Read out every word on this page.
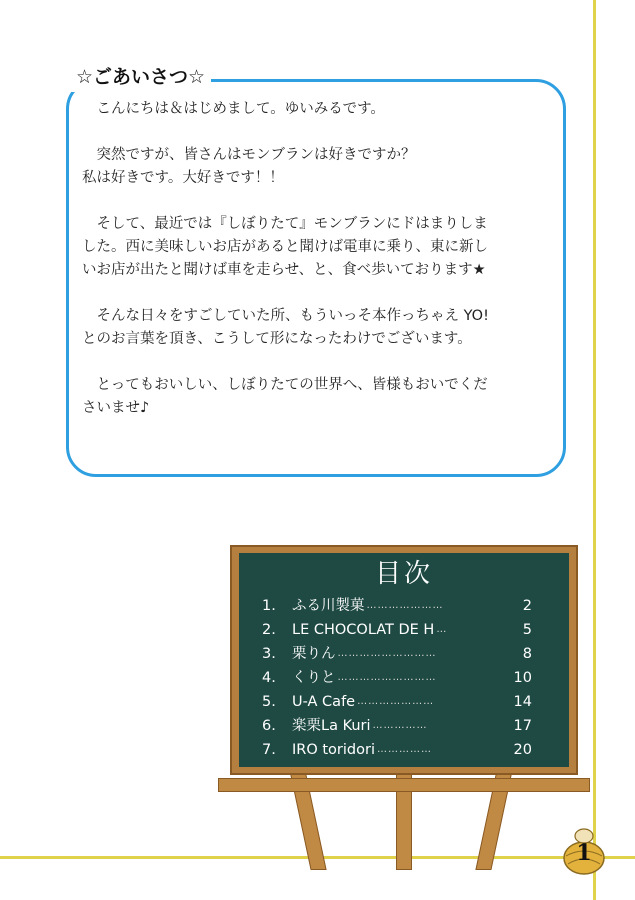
☆ごあいさつ☆

こんにちは＆はじめまして。ゆいみるです。

突然ですが、皆さんはモンブランは好きですか？
私は好きです。大好きです！！

そして、最近では『しぼりたて』モンブランにドはまりしま
した。西に美味しいお店があると聞けば電車に乗り、東に新し
いお店が出たと聞けば車を走らせ、と、食べ歩いております★

そんな日々をすごしていた所、もういっそ本作っちゃえ YO!
とのお言葉を頂き、こうして形になったわけでございます。

とってもおいしい、しぼりたての世界へ、皆様もおいでくだ
さいませ♪

目次
1.	ふる川製菓 …………………	2
2.	LE CHOCOLAT DE H …	5
3.	栗りん ………………………	8
4.	くりと ………………………	10
5.	U-A Cafe …………………	14
6.	楽栗La Kuri ……………	17
7.	IRO toridori ……………	20
1
